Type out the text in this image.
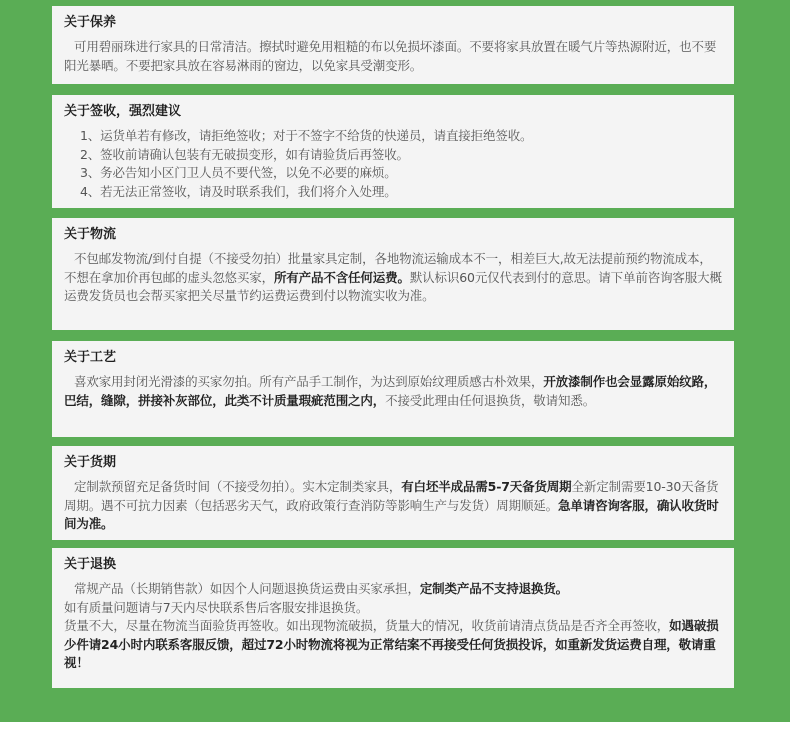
关于保养

可用碧丽珠进行家具的日常清洁。擦拭时避免用粗糙的布以免损坏漆面。不要将家具放置在暖气片等热源附近，也不要阳光暴晒。不要把家具放在容易淋雨的窗边，以免家具受潮变形。

关于签收，强烈建议

1、运货单若有修改，请拒绝签收；对于不签字不给货的快递员，请直接拒绝签收。

2、签收前请确认包装有无破损变形，如有请验货后再签收。

3、务必告知小区门卫人员不要代签，以免不必要的麻烦。

4、若无法正常签收，请及时联系我们，我们将介入处理。

关于物流

不包邮发物流/到付自提（不接受勿拍）批量家具定制，各地物流运输成本不一，相差巨大,故无法提前预约物流成本，不想在拿加价再包邮的虚头忽悠买家，所有产品不含任何运费。默认标识60元仅代表到付的意思。请下单前咨询客服大概运费发货员也会帮买家把关尽量节约运费运费到付以物流实收为准。

关于工艺

喜欢家用封闭光滑漆的买家勿拍。所有产品手工制作，为达到原始纹理质感古朴效果，开放漆制作也会显露原始纹路，巴结，缝隙，拼接补灰部位，此类不计质量瑕疵范围之内，不接受此理由任何退换货，敬请知悉。

关于货期

定制款预留充足备货时间（不接受勿拍）。实木定制类家具，有白坯半成品需5-7天备货周期全新定制需要10-30天备货周期。遇不可抗力因素（包括恶劣天气，政府政策行查消防等影响生产与发货）周期顺延。急单请咨询客服，确认收货时间为准。

关于退换

常规产品（长期销售款）如因个人问题退换货运费由买家承担，定制类产品不支持退换货。

如有质量问题请与7天内尽快联系售后客服安排退换货。

货量不大，尽量在物流当面验货再签收。如出现物流破损，货量大的情况，收货前请清点货品是否齐全再签收，如遇破损少件请24小时内联系客服反馈，超过72小时物流将视为正常结案不再接受任何货损投诉，如重新发货运费自理，敬请重视！
